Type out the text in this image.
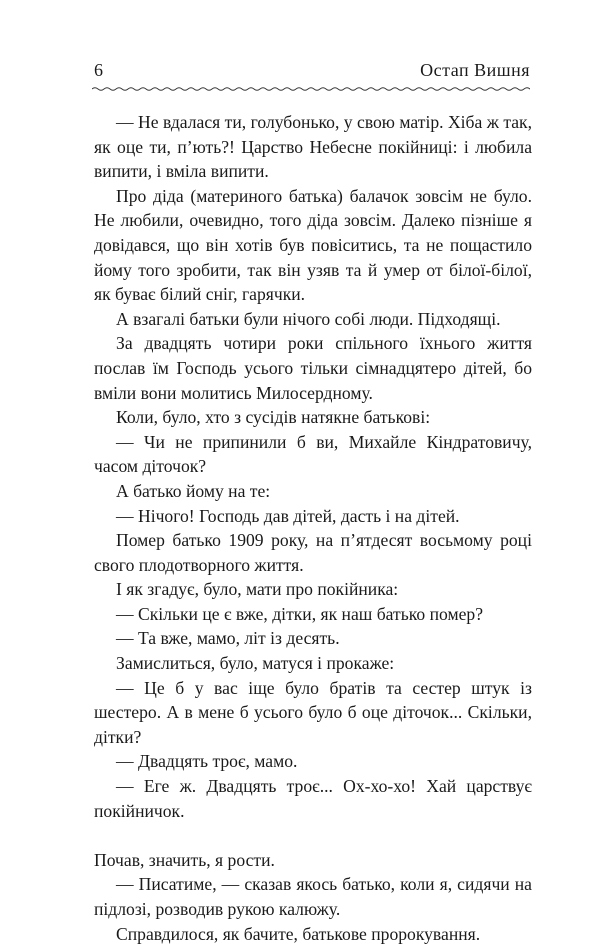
6	Остап Вишня

— Не вдалася ти, голубонько, у свою матір. Хіба ж так, як оце ти, п’ють?! Царство Небесне покійниці: і любила випити, і вміла випити.

Про діда (материного батька) балачок зовсім не було. Не любили, очевидно, того діда зовсім. Далеко пізніше я довідався, що він хотів був повіситись, та не пощастило йому того зробити, так він узяв та й умер от білої-білої, як буває білий сніг, гарячки.

А взагалі батьки були нічого собі люди. Підходящі.

За двадцять чотири роки спільного їхнього життя послав їм Господь усього тільки сімнадцятеро дітей, бо вміли вони молитись Милосердному.

Коли, було, хто з сусідів натякне батькові:

— Чи не припинили б ви, Михайле Кіндратовичу, часом діточок?

А батько йому на те:

— Нічого! Господь дав дітей, дасть і на дітей.

Помер батько 1909 року, на п’ятдесят восьмому році свого плодотворного життя.

І як згадує, було, мати про покійника:

— Скільки це є вже, дітки, як наш батько помер?

— Та вже, мамо, літ із десять.

Замислиться, було, матуся і прокаже:

— Це б у вас іще було братів та сестер штук із шестеро. А в мене б усього було б оце діточок... Скільки, дітки?

— Двадцять троє, мамо.

— Еге ж. Двадцять троє... Ох-хо-хо! Хай царствує покійничок.

Почав, значить, я рости.

— Писатиме, — сказав якось батько, коли я, сидячи на підлозі, розводив рукою калюжу.

Справдилося, як бачите, батькове пророкування.
